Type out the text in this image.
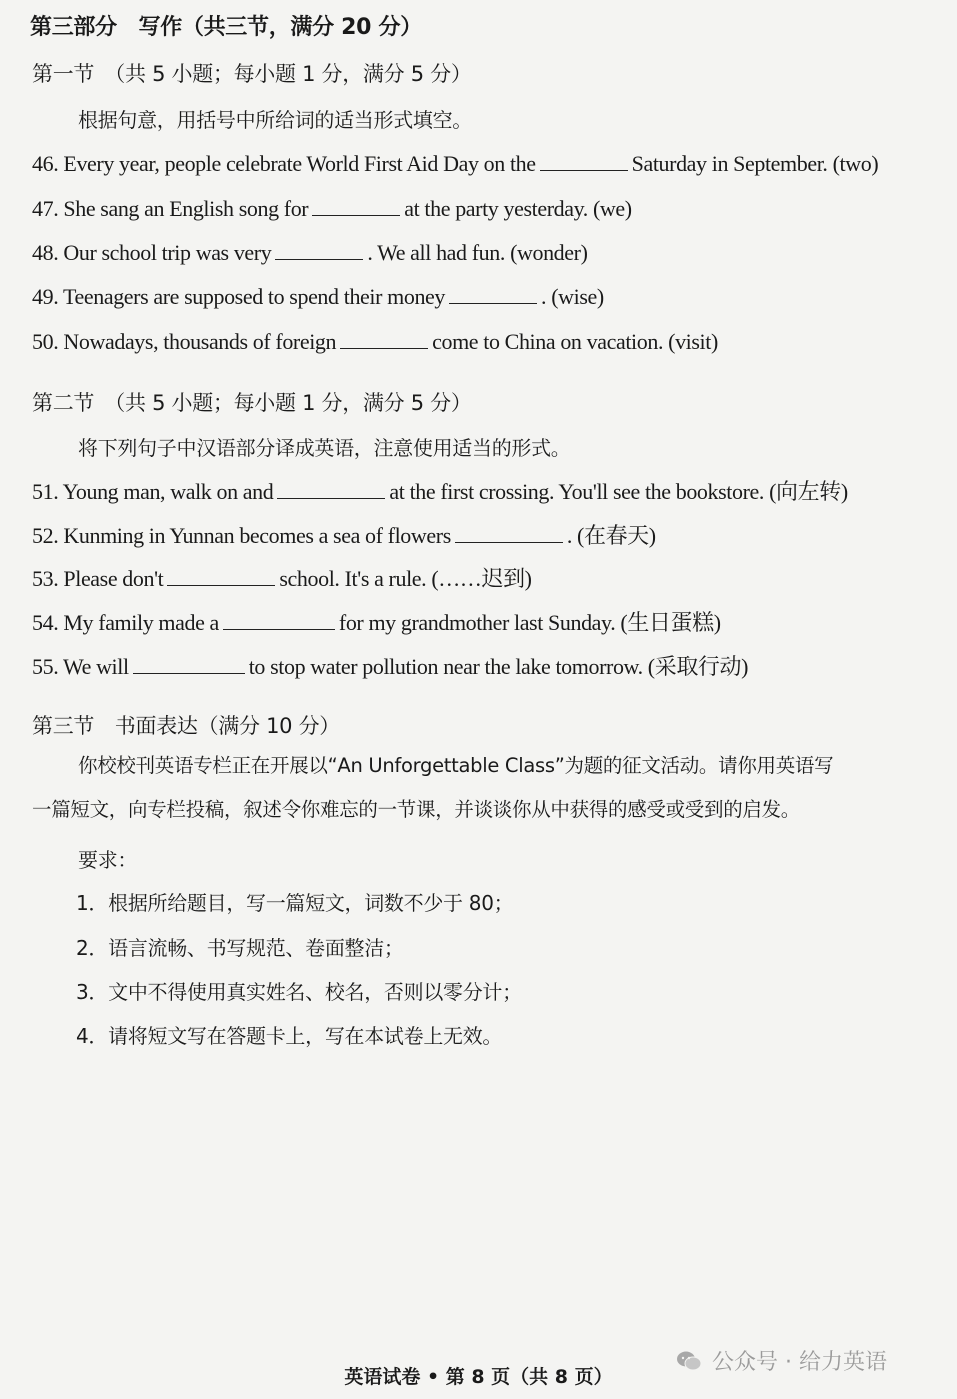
第三部分　写作（共三节，满分 20 分）
第一节　（共 5 小题；每小题 1 分，满分 5 分）
根据句意，用括号中所给词的适当形式填空。
46. Every year, people celebrate World First Aid Day on the	Saturday in September. (two)
47. She sang an English song for	at the party yesterday. (we)
48. Our school trip was very	. We all had fun. (wonder)
49. Teenagers are supposed to spend their money	. (wise)
50. Nowadays, thousands of foreign	come to China on vacation. (visit)
第二节　（共 5 小题；每小题 1 分，满分 5 分）
将下列句子中汉语部分译成英语，注意使用适当的形式。
51. Young man, walk on and	at the first crossing. You'll see the bookstore. (向左转)
52. Kunming in Yunnan becomes a sea of flowers	. (在春天)
53. Please don't	school. It's a rule. (……迟到)
54. My family made a	for my grandmother last Sunday. (生日蛋糕)
55. We will	to stop water pollution near the lake tomorrow. (采取行动)
第三节　书面表达（满分 10 分）
你校校刊英语专栏正在开展以“An Unforgettable Class”为题的征文活动。请你用英语写
一篇短文，向专栏投稿，叙述令你难忘的一节课，并谈谈你从中获得的感受或受到的启发。
要求：
1．根据所给题目，写一篇短文，词数不少于 80；
2．语言流畅、书写规范、卷面整洁；
3．文中不得使用真实姓名、校名，否则以零分计；
4．请将短文写在答题卡上，写在本试卷上无效。
英语试卷 • 第 8 页（共 8 页）
公众号 · 给力英语
